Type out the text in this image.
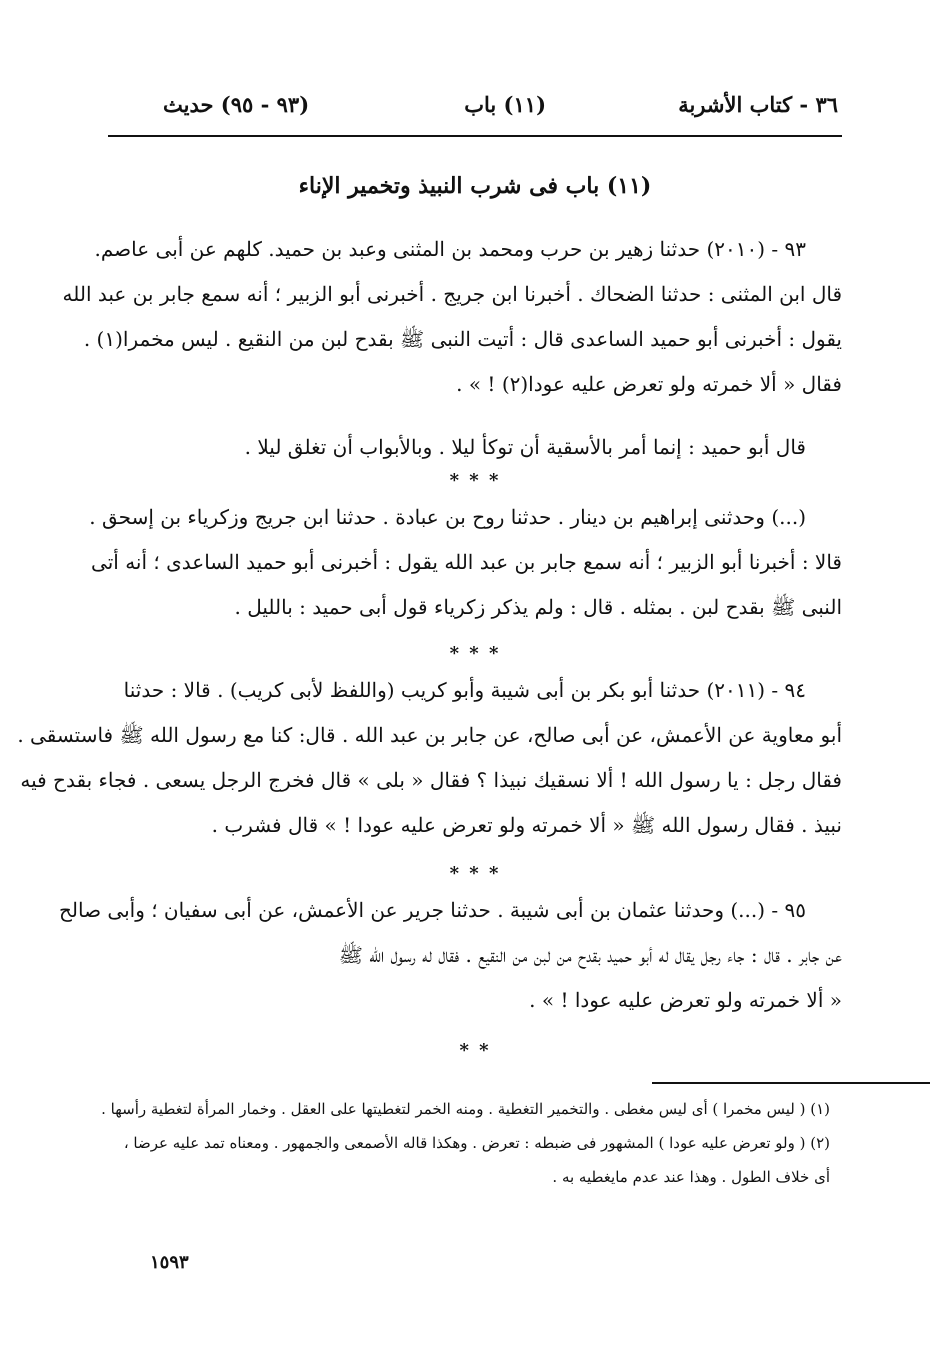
٣٦ - كتاب الأشربة
(١١) باب
(٩٣ - ٩٥) حديث
(١١) باب فى شرب النبيذ وتخمير الإناء
٩٣ - (٢٠١٠) حدثنا زهير بن حرب ومحمد بن المثنى وعبد بن حميد. كلهم عن أبى عاصم.
قال ابن المثنى : حدثنا الضحاك . أخبرنا ابن جريج . أخبرنى أبو الزبير ؛ أنه سمع جابر بن عبد الله
يقول : أخبرنى أبو حميد الساعدى قال : أتيت النبى ﷺ بقدح لبن من النقيع . ليس مخمرا(١) .
فقال « ألا خمرته ولو تعرض عليه عودا(٢) ! » .
قال أبو حميد : إنما أمر بالأسقية أن توكأ ليلا . وبالأبواب أن تغلق ليلا .
* * *
(...) وحدثنى إبراهيم بن دينار . حدثنا روح بن عبادة . حدثنا ابن جريج وزكرياء بن إسحق .
قالا : أخبرنا أبو الزبير ؛ أنه سمع جابر بن عبد الله يقول : أخبرنى أبو حميد الساعدى ؛ أنه أتى
النبى ﷺ بقدح لبن . بمثله . قال : ولم يذكر زكرياء قول أبى حميد : بالليل .
* * *
٩٤ - (٢٠١١) حدثنا أبو بكر بن أبى شيبة وأبو كريب (واللفظ لأبى كريب) . قالا : حدثنا
أبو معاوية عن الأعمش، عن أبى صالح، عن جابر بن عبد الله . قال: كنا مع رسول الله ﷺ فاستسقى .
فقال رجل : يا رسول الله ! ألا نسقيك نبيذا ؟ فقال « بلى » قال فخرج الرجل يسعى . فجاء بقدح فيه
نبيذ . فقال رسول الله ﷺ « ألا خمرته ولو تعرض عليه عودا ! » قال فشرب .
* * *
٩٥ - (...) وحدثنا عثمان بن أبى شيبة . حدثنا جرير عن الأعمش، عن أبى سفيان ؛ وأبى صالح
عن جابر . قال : جاء رجل يقال له أبو حميد بقدح من لبن من النقيع . فقال له رسول الله ﷺ
« ألا خمرته ولو تعرض عليه عودا ! » .
* *
(١) ( ليس مخمرا ) أى ليس مغطى . والتخمير التغطية . ومنه الخمر لتغطيتها على العقل . وخمار المرأة لتغطية رأسها .
(٢) ( ولو تعرض عليه عودا ) المشهور فى ضبطه : تعرض . وهكذا قاله الأصمعى والجمهور . ومعناه تمد عليه عرضا ،
أى خلاف الطول . وهذا عند عدم مايغطيه به .
١٥٩٣
